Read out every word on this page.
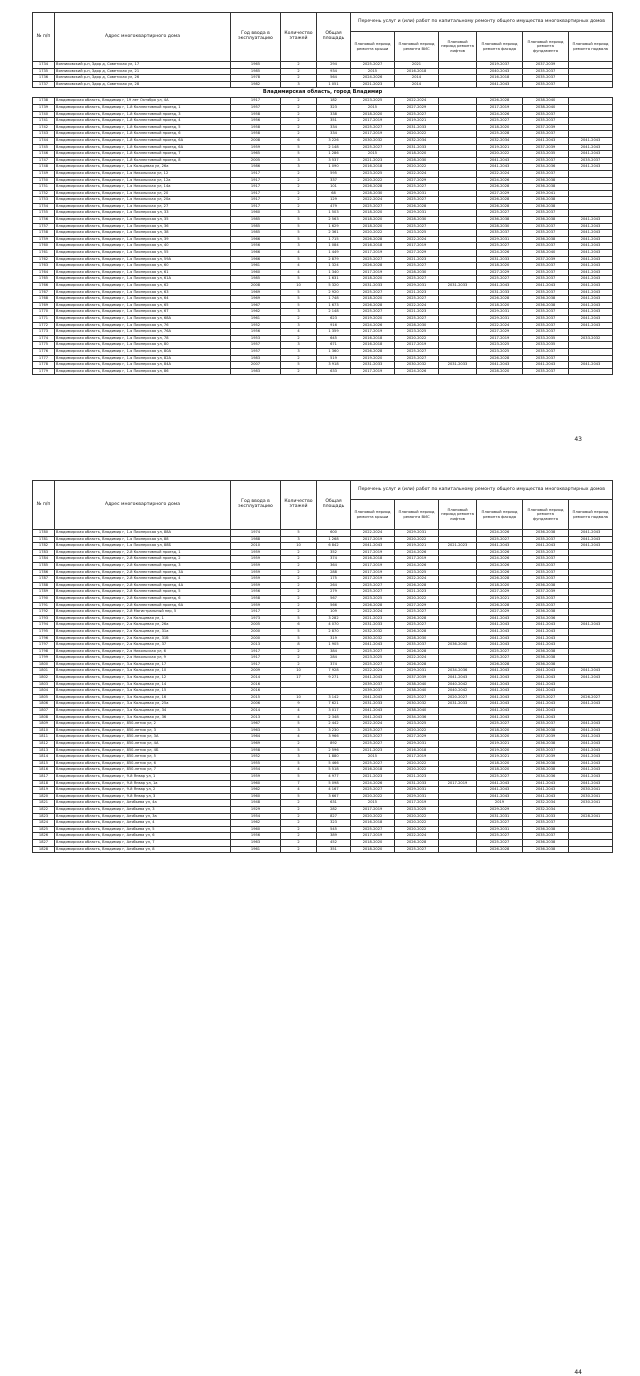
№ п/п	Адрес многоквартирного дома	Год ввода в эксплуатацию	Количество этажей	Общая площадь	Перечень услуг и (или) работ по капитальному ремонту общего имущества многоквартирных домов					
					Плановый период ремонта крыши	Плановый период ремонта ВИС	Плановый период ремонта лифтов	Плановый период ремонта фасада	Плановый период ремонта фундамента	Плановый период ремонта подвала
1734	Вязниковский р-н, Здор д, Советская ул, 17	1965	2	294	2025-2027	2021		2019-2037	2037-2039	
1735	Вязниковский р-н, Здор д, Советская ул, 21	1985	2	934	2015	2016-2018		2040-2043	2035-2037	
1736	Вязниковский р-н, Здор д, Советская ул, 26	1978	2	564	2024-2026	2014		2016-2018	2035-2037	
1737	Вязниковский р-н, Здор д, Советская ул, 28	1982	3	1 051	2021-2023	2014		2041-2043	2035-2037	
Владимирская область, город Владимир										
1738	Владимирская область, Владимир г, 19 лет Октября ул, 4А	1917	2	182	2023-2025	2022-2024		2026-2028	2038-2040	
1739	Владимирская область, Владимир г, 1-й Коллективный проезд, 1	1957	2	323	2015	2027-2029		2017-2019	2038-2040	
1740	Владимирская область, Владимир г, 1-й Коллективный проезд, 3	1958	2	338	2018-2020	2025-2027		2024-2026	2035-2037	
1741	Владимирская область, Владимир г, 1-й Коллективный проезд, 4	1956	2	351	2017-2019	2019-2021		2025-2027	2035-2037	
1742	Владимирская область, Владимир г, 1-й Коллективный проезд, 5	1958	2	334	2025-2027	2031-2033		2018-2020	2037-2039	
1743	Владимирская область, Владимир г, 1-й Коллективный проезд, 6	1958	2	334	2017-2019	2020-2022		2025-2028	2035-2037	
1744	Владимирская область, Владимир г, 1-й Коллективный проезд, 6А	2008	6	3 226	2030-2032	2032-2034		2032-2034	2041-2043	2041-2043
1745	Владимирская область, Владимир г, 1-й Коллективный проезд, 6А	1959	5	2 148	2025-2027	2031-2033		2019-2021	2037-2039	2041-2043
1746	Владимирская область, Владимир г, 1-й Коллективный проезд, 7	1965	5	1 286	2015	2018-2020		2020-2022	2033-2035	2041-2043
1747	Владимирская область, Владимир г, 1-й Коллективный проезд, 8	2005	3	3 537	2021-2023	2028-2030		2041-2043	2035-2037	2035-2037
1748	Владимирская область, Владимир г, 1-я Кольцевая ул, 26а	1986	3	1 090	2016-2018	2020-2022		2041-2043	2034-2036	2041-2043
1749	Владимирская область, Владимир г, 1-я Никольская ул, 12	1917	2	595	2023-2025	2022-2024		2022-2024	2035-2037	
1750	Владимирская область, Владимир г, 1-я Никольская ул, 12а	1917	2	337	2020-2022	2027-2029		2024-2026	2036-2038	
1751	Владимирская область, Владимир г, 1-я Никольская ул, 14а	1917	2	101	2026-2028	2025-2027		2026-2028	2036-2038	
1752	Владимирская область, Владимир г, 1-я Никольская ул, 20	1917	2	68	2028-2030	2029-2031		2027-2029	2039-2041	
1753	Владимирская область, Владимир г, 1-я Никольская ул, 20а	1917	2	129	2022-2024	2025-2027		2026-2028	2036-2038	
1754	Владимирская область, Владимир г, 1-я Никольская ул, 27	1917	2	479	2025-2027	2026-2028		2026-2028	2036-2038	
1755	Владимирская область, Владимир г, 1-я Пионерская ул, 33	1960	3	1 503	2018-2020	2029-2031		2025-2027	2035-2037	
1756	Владимирская область, Владимир г, 1-я Пионерская ул, 35	1985	5	2 563	2018-2020	2028-2030		2036-2038	2036-2038	2041-2043
1757	Владимирская область, Владимир г, 1-я Пионерская ул, 36	1985	5	1 629	2018-2020	2025-2027		2028-2030	2035-2037	2041-2043
1758	Владимирская область, Владимир г, 1-я Пионерская ул, 38	1985	5	2 361	2020-2022	2023-2025		2035-2037	2035-2037	2041-2043
1759	Владимирская область, Владимир г, 1-я Пионерская ул, 39	1966	5	1 715	2026-2028	2022-2024		2029-2031	2036-2038	2041-2043
1760	Владимирская область, Владимир г, 1-я Пионерская ул, 40	1956	3	1 084	2016-2018	2017-2019		2025-2027	2035-2037	2041-2043
1761	Владимирская область, Владимир г, 1-я Пионерская ул, 55	1966	4	1 449	2017-2019	2027-2029		2024-2026	2038-2040	2041-2043
1762	Владимирская область, Владимир г, 1-я Пионерская ул, 59А	1966	5	2 879	2025-2027	2021-2023		2031-2033	2037-2039	2041-2043
1763	Владимирская область, Владимир г, 1-я Пионерская ул, 60	1961	4	1 324	2026-2028	2025-2027		2018-2020	2035-2037	2041-2043
1764	Владимирская область, Владимир г, 1-я Пионерская ул, 61	1960	4	1 340	2017-2019	2028-2030		2027-2029	2035-2037	2041-2043
1765	Владимирская область, Владимир г, 1-я Пионерская ул, 61А	1985	5	1 631	2018-2020	2025-2027		2025-2027	2035-2037	2041-2043
1766	Владимирская область, Владимир г, 1-я Пионерская ул, 62	2008	10	5 320	2031-2033	2029-2031	2031-2033	2041-2043	2041-2043	2041-2043
1767	Владимирская область, Владимир г, 1-я Пионерская ул, 63	1969	5	2 920	2025-2027	2021-2023		2031-2033	2035-2037	2041-2043
1768	Владимирская область, Владимир г, 1-я Пионерская ул, 64	1969	5	1 748	2018-2020	2025-2027		2026-2028	2036-2038	2041-2043
1769	Владимирская область, Владимир г, 1-я Пионерская ул, 65	1967	5	1 673	2026-2028	2022-2024		2018-2020	2036-2038	2041-2043
1770	Владимирская область, Владимир г, 1-я Пионерская ул, 67	1962	3	2 148	2025-2027	2021-2023		2029-2031	2035-2037	2041-2043
1771	Владимирская область, Владимир г, 1-я Пионерская ул, 68А	1961	2	623	2019-2020	2025-2027		2029-2031	2035-2037	2041-2043
1772	Владимирская область, Владимир г, 1-я Пионерская ул, 76	1952	3	916	2024-2026	2028-2030		2022-2024	2035-2037	2041-2043
1773	Владимирская область, Владимир г, 1-я Пионерская ул, 76А	1956	4	1 359	2017-2019	2023-2025		2027-2029	2035-2037	
1774	Владимирская область, Владимир г, 1-я Пионерская ул, 78	1953	2	645	2016-2018	2020-2022		2017-2019	2033-2035	2033-2032
1775	Владимирская область, Владимир г, 1-я Пионерская ул, 80	1957	3	671	2016-2018	2017-2019		2023-2025	2033-2035	
1776	Владимирская область, Владимир г, 1-я Пионерская ул, 80А	1957	3	1 360	2026-2028	2025-2027		2023-2025	2035-2037	
1777	Владимирская область, Владимир г, 1-я Пионерская ул, 82А	1983	2	519	2019-2020	2025-2027		2026-2028	2035-2037	
1778	Владимирская область, Владимир г, 1-я Пионерская ул, 84А	2007	5	3 918	2031-2033	2030-2032	2031-2033	2041-2043	2041-2043	2041-2043
1779	Владимирская область, Владимир г, 1-я Пионерская ул, 86	1983	2	633	2017-2019	2024-2026		2028-2020	2035-2037	
43
№ п/п	Адрес многоквартирного дома	Год ввода в эксплуатацию	Количество этажей	Общая площадь	Перечень услуг и (или) работ по капитальному ремонту общего имущества многоквартирных домов					
					Плановый период ремонта крыши	Плановый период ремонта ВИС	Плановый период ремонта лифтов	Плановый период ремонта фасада	Плановый период ремонта фундамента	Плановый период ремонта подвала
1780	Владимирская область, Владимир г, 1-я Пионерская ул, 88А	1974	5	600	2022-2024	2029-2031		2024-2026	2036-2038	2041-2043
1781	Владимирская область, Владимир г, 1-я Пионерская ул, 88	1988	3	1 268	2017-2019	2020-2022		2025-2027	2035-2037	2041-2043
1782	Владимирская область, Владимир г, 1-я Пионерская ул, 88Б	2010	10	6 842	2041-2043	2019-2021	2021-2023	2041-2043	2041-2043	2041-2043
1783	Владимирская область, Владимир г, 2-й Коллективный проезд, 1	1959	2	352	2017-2019	2024-2026		2024-2026	2035-2037	
1784	Владимирская область, Владимир г, 2-й Коллективный проезд, 2	1959	2	374	2016-2018	2017-2019		2024-2026	2035-2037	
1785	Владимирская область, Владимир г, 2-й Коллективный проезд, 3	1959	2	364	2017-2019	2024-2026		2024-2026	2035-2037	
1786	Владимирская область, Владимир г, 2-й Коллективный проезд, 3А	1959	2	288	2017-2019	2023-2025		2024-2026	2035-2037	
1787	Владимирская область, Владимир г, 2-й Коллективный проезд, 4	1959	2	175	2017-2019	2022-2024		2026-2028	2035-2037	
1788	Владимирская область, Владимир г, 2-й Коллективный проезд, 4А	1959	2	264	2025-2027	2026-2028		2018-2020	2036-2038	
1789	Владимирская область, Владимир г, 2-й Коллективный проезд, 5	1956	2	279	2025-2027	2021-2023		2027-2029	2037-2039	
1790	Владимирская область, Владимир г, 2-й Коллективный проезд, 6	1958	2	567	2023-2025	2020-2022		2019-2021	2035-2037	
1791	Владимирская область, Владимир г, 2-й Коллективный проезд, 6А	1959	2	566	2026-2028	2027-2029		2026-2028	2035-2037	
1792	Владимирская область, Владимир г, 2-й Магистральный пер, 5	1917	2	109	2022-2024	2025-2027		2027-2029	2036-2038	
1793	Владимирская область, Владимир г, 2-я Кольцевая ул, 1	1973	5	3 282	2021-2023	2026-2028		2041-2043	2034-2036	
1794	Владимирская область, Владимир г, 2-я Кольцевая ул, 26а	2005	6	4 070	2031-2033	2025-2027		2041-2043	2041-2043	2041-2043
1795	Владимирская область, Владимир г, 2-я Кольцевая ул, 31а	2000	5	2 870	2032-2032	2026-2028		2041-2043	2041-2043	
1796	Владимирская область, Владимир г, 2-я Кольцевая ул, 31б	2000	5	319	2030-2032	2028-2030		2041-2043	2041-2043	
1797	Владимирская область, Владимир г, 2-я Кольцевая ул, 37	2013	8	1 905	2041-2043	2035-2037	2036-2040	2041-2043	2041-2043	
1798	Владимирская область, Владимир г, 2-я Никольская ул, 6	1917	2	384	2025-2027	2026-2028		2025-2027	2036-2038	
1799	Владимирская область, Владимир г, 2-я Никольская ул, 9	1917	2	284	2023-2025	2022-2024		2025-2027	2036-2038	
1800	Владимирская область, Владимир г, 3-я Кольцевая ул, 17	1917	2	374	2025-2027	2026-2028		2026-2028	2036-2038	
1801	Владимирская область, Владимир г, 3-я Кольцевая ул, 10	2009	10	7 928	2022-2024	2029-2031	2034-2036	2041-2043	2041-2043	2041-2043
1802	Владимирская область, Владимир г, 3-я Кольцевая ул, 12	2014	17	9 271	2041-2043	2037-2039	2041-2043	2041-2043	2041-2043	2041-2043
1803	Владимирская область, Владимир г, 3-я Кольцевая ул, 14	2016			2039-2037	2038-2040	2040-2042	2041-2043	2041-2043	
1804	Владимирская область, Владимир г, 3-я Кольцевая ул, 15	2016			2039-2037	2038-2040	2040-2042	2041-2043	2041-2043	
1805	Владимирская область, Владимир г, 3-я Кольцевая ул, 16	2015	10	3 142	2041-2043	2025-2027	2020-2027	2041-2043	2025-2027	2026-2027
1806	Владимирская область, Владимир г, 3-я Кольцевая ул, 25а	2006	9	7 621	2031-2033	2030-2032	2031-2033	2041-2043	2041-2043	2041-2043
1807	Владимирская область, Владимир г, 3-я Кольцевая ул, 34	2014	4	3 017	2041-2043	2038-2040		2041-2043	2041-2043	
1808	Владимирская область, Владимир г, 3-я Кольцевая ул, 36	2013	4	2 348	2041-2043	2034-2036		2041-2043	2041-2043	
1809	Владимирская область, Владимир г, 850-летия ул, 2	1967	5	2 442	2022-2024	2023-2025		2025-2027	2035-2037	2041-2043
1810	Владимирская область, Владимир г, 850-летия ул, 3	1963	3	3 230	2025-2027	2020-2022		2018-2020	2036-2038	2041-2043
1811	Владимирская область, Владимир г, 850-летия ул, 3А	1964	4	3 966	2025-2027	2027-2029		2018-2020	2037-2039	2041-2043
1812	Владимирская область, Владимир г, 850-летия ул, 4А	1969	2	892	2025-2027	2029-2031		2019-2021	2036-2038	2041-2043
1813	Владимирская область, Владимир г, 850-летия ул, 4Б	1958	5	2 596	2021-2023	2016-2018		2019-2020	2035-2037	2041-2043
1814	Владимирская область, Владимир г, 850-летия ул, 5	1952	3	1 880	2015	2017-2019		2019-2021	2037-2039	2041-2043
1815	Владимирская область, Владимир г, 850-летия ул, 6	1955	5	5 466	2025-2027	2020-2022		2018-2020	2036-2038	2041-2043
1816	Владимирская область, Владимир г, 850-летия ул, 7	1954	4	5 518	2016-2018	2020-2022		2018-2020	2036-2038	2041-2043
1817	Владимирская область, Владимир г, 9-й Январ ул, 1	1959	5	4 977	2021-2023	2021-2023		2025-2027	2034-2036	2041-2043
1818	Владимирская область, Владимир г, 9-й Январ ул, 1а	1960	7	5 098	2024-2026	2031-2033	2017-2019	2041-2043	2041-2043	2041-2043
1819	Владимирская область, Владимир г, 9-й Январ ул, 2	1962	4	4 167	2025-2027	2029-2031		2041-2043	2041-2043	2030-2041
1820	Владимирская область, Владимир г, 9-й Январ ул, 3	1960	5	3 667	2020-2022	2029-2031		2041-2043	2041-2043	2030-2041
1821	Владимирская область, Владимир г, Алябьева ул, 4а	1948	2	631	2015	2017-2019		2019	2032-2034	2030-2041
1822	Владимирская область, Владимир г, Алябьева ул, 3	1929	2	282	2017-2019	2023-2025		2029-2029	2032-2034	
1823	Владимирская область, Владимир г, Алябьева ул, 3а	1954	2	827	2020-2022	2020-2022		2031-2031	2031-2033	2028-2041
1824	Владимирская область, Владимир г, Алябьева ул, 4	1962	2	323	2016-2018	2020-2022		2025-2027	2035-2037	
1825	Владимирская область, Владимир г, Алябьева ул, 5	1960	2	545	2025-2027	2020-2022		2029-2031	2036-2038	
1826	Владимирская область, Владимир г, Алябьева ул, 6	1956	2	389	2017-2019	2022-2024		2025-2027	2035-2037	
1827	Владимирская область, Владимир г, Алябьева ул, 7	1963	2	452	2018-2020	2026-2028		2025-2027	2036-2038	
1828	Владимирская область, Владимир г, Алябьева ул, 8	1961	2	351	2018-2020	2025-2027		2026-2028	2036-2038	
44
